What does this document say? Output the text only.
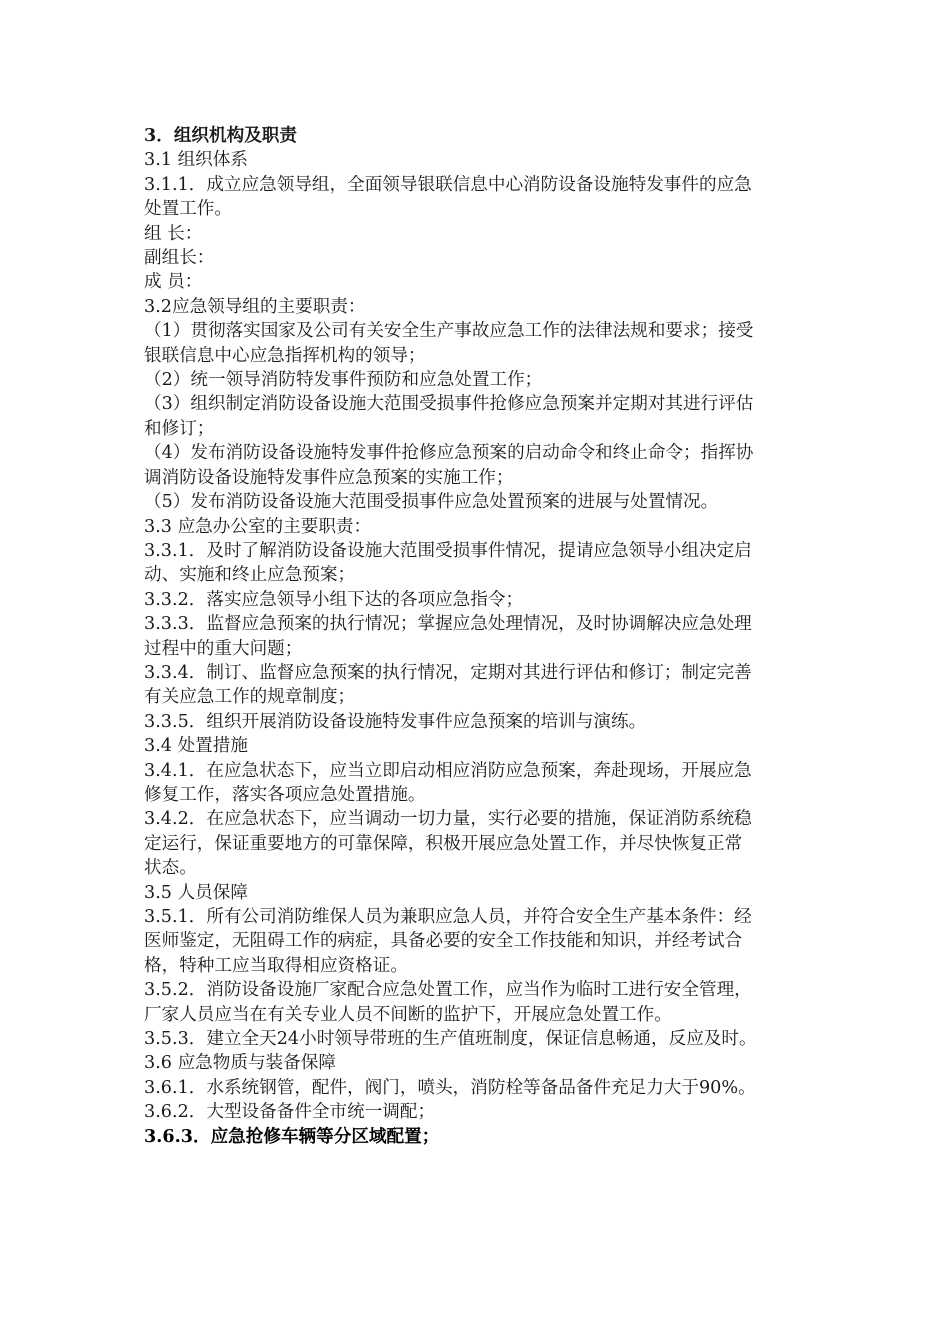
3．组织机构及职责
3.1 组织体系
3.1.1．成立应急领导组，全面领导银联信息中心消防设备设施特发事件的应急
处置工作。
组 长：
副组长：
成 员：
3.2应急领导组的主要职责：
（1）贯彻落实国家及公司有关安全生产事故应急工作的法律法规和要求；接受
银联信息中心应急指挥机构的领导；
（2）统一领导消防特发事件预防和应急处置工作；
（3）组织制定消防设备设施大范围受损事件抢修应急预案并定期对其进行评估
和修订；
（4）发布消防设备设施特发事件抢修应急预案的启动命令和终止命令；指挥协
调消防设备设施特发事件应急预案的实施工作；
（5）发布消防设备设施大范围受损事件应急处置预案的进展与处置情况。
3.3 应急办公室的主要职责：
3.3.1．及时了解消防设备设施大范围受损事件情况，提请应急领导小组决定启
动、实施和终止应急预案；
3.3.2．落实应急领导小组下达的各项应急指令；
3.3.3．监督应急预案的执行情况；掌握应急处理情况，及时协调解决应急处理
过程中的重大问题；
3.3.4．制订、监督应急预案的执行情况，定期对其进行评估和修订；制定完善
有关应急工作的规章制度；
3.3.5．组织开展消防设备设施特发事件应急预案的培训与演练。
3.4 处置措施
3.4.1．在应急状态下，应当立即启动相应消防应急预案，奔赴现场，开展应急
修复工作，落实各项应急处置措施。
3.4.2．在应急状态下，应当调动一切力量，实行必要的措施，保证消防系统稳
定运行，保证重要地方的可靠保障，积极开展应急处置工作，并尽快恢复正常
状态。
3.5 人员保障
3.5.1．所有公司消防维保人员为兼职应急人员，并符合安全生产基本条件：经
医师鉴定，无阻碍工作的病症，具备必要的安全工作技能和知识，并经考试合
格，特种工应当取得相应资格证。
3.5.2．消防设备设施厂家配合应急处置工作，应当作为临时工进行安全管理，
厂家人员应当在有关专业人员不间断的监护下，开展应急处置工作。
3.5.3．建立全天24小时领导带班的生产值班制度，保证信息畅通，反应及时。
3.6 应急物质与装备保障
3.6.1．水系统钢管，配件，阀门，喷头，消防栓等备品备件充足力大于90%。
3.6.2．大型设备备件全市统一调配；
3.6.3．应急抢修车辆等分区域配置；
